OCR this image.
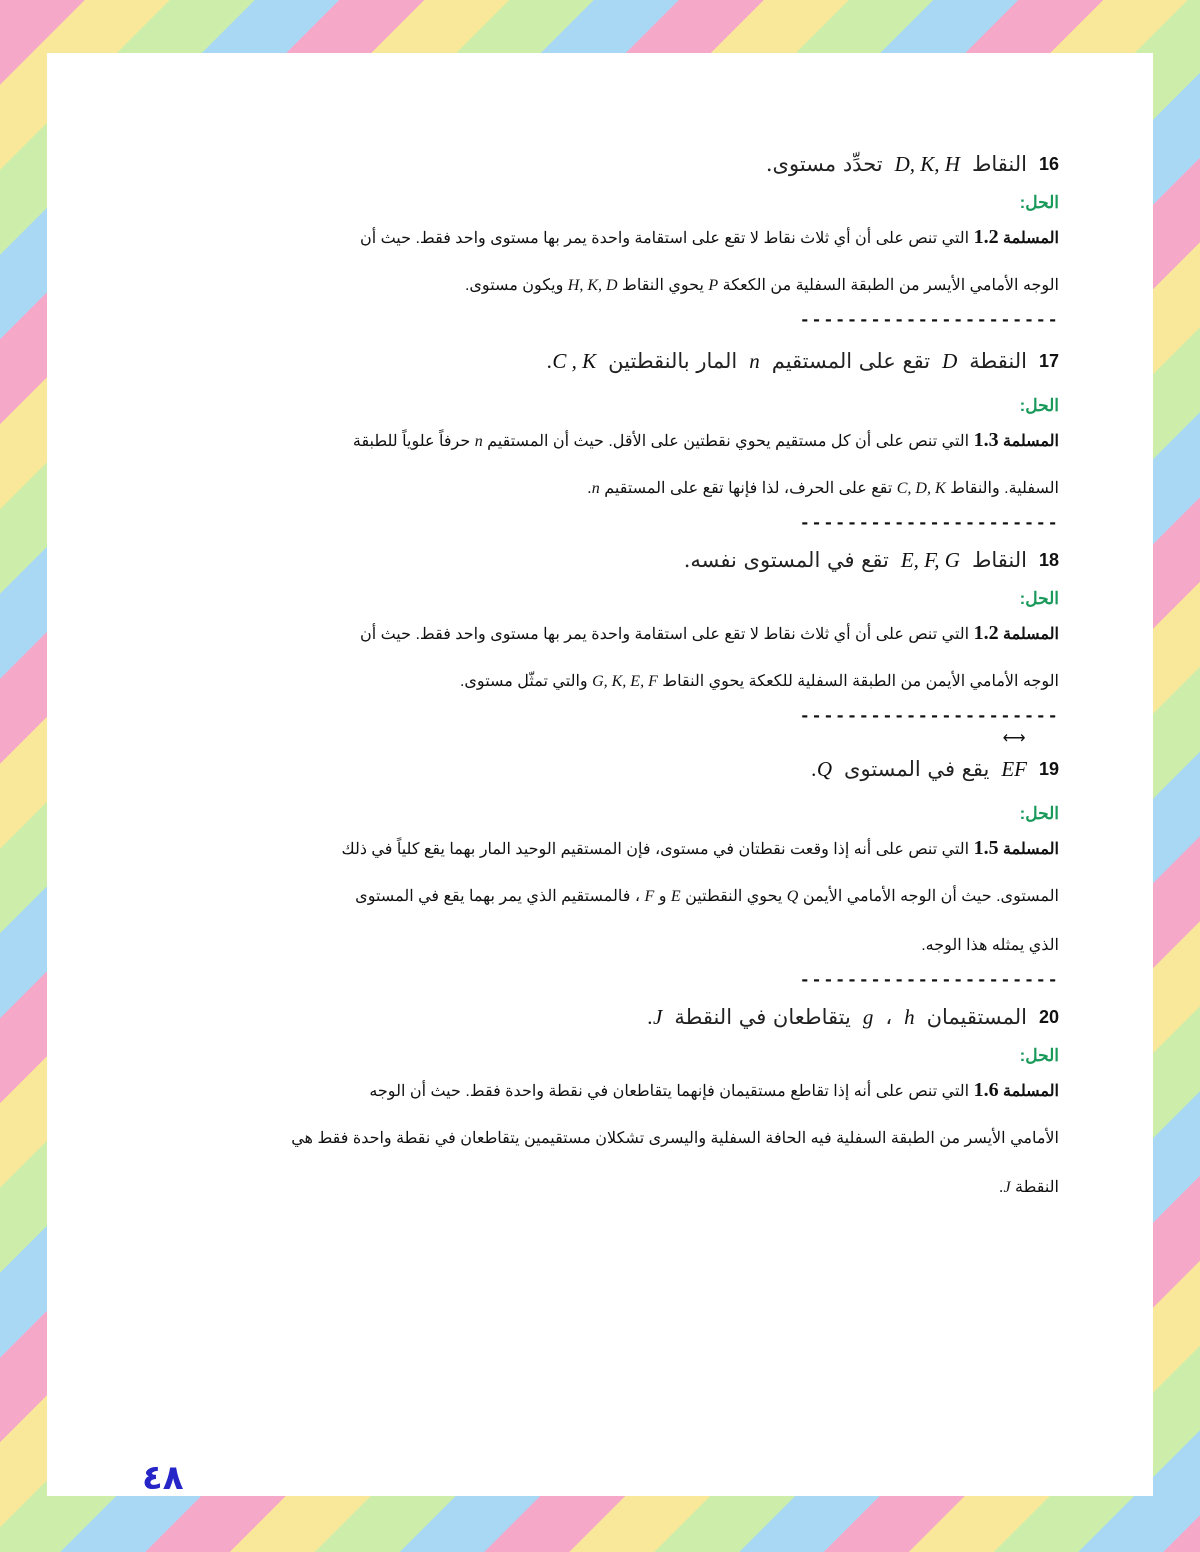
16
النقاط
D, K, H
تحدِّد مستوى.
الحل:
المسلمة 1.2 التي تنص على أن أي ثلاث نقاط لا تقع على استقامة واحدة يمر بها مستوى واحد فقط. حيث أن
الوجه الأمامي الأيسر من الطبقة السفلية من الكعكة P يحوي النقاط H, K, D ويكون مستوى.
----------------------
17
النقطة
D
تقع على المستقيم
n
المار بالنقطتين
C , K.
الحل:
المسلمة 1.3 التي تنص على أن كل مستقيم يحوي نقطتين على الأقل. حيث أن المستقيم n حرفاً علوياً للطبقة
السفلية. والنقاط C, D, K تقع على الحرف، لذا فإنها تقع على المستقيم n.
----------------------
18
النقاط
E, F, G
تقع في المستوى نفسه.
الحل:
المسلمة 1.2 التي تنص على أن أي ثلاث نقاط لا تقع على استقامة واحدة يمر بها مستوى واحد فقط. حيث أن
الوجه الأمامي الأيمن من الطبقة السفلية للكعكة يحوي النقاط G, K, E, F والتي تمثّل مستوى.
----------------------
19
⟷ EF
يقع في المستوى
Q.
الحل:
المسلمة 1.5 التي تنص على أنه إذا وقعت نقطتان في مستوى، فإن المستقيم الوحيد المار بهما يقع كلياً في ذلك
المستوى. حيث أن الوجه الأمامي الأيمن Q يحوي النقطتين E و F ، فالمستقيم الذي يمر بهما يقع في المستوى
الذي يمثله هذا الوجه.
----------------------
20
المستقيمان
h
،
g
يتقاطعان في النقطة
J.
الحل:
المسلمة 1.6 التي تنص على أنه إذا تقاطع مستقيمان فإنهما يتقاطعان في نقطة واحدة فقط. حيث أن الوجه
الأمامي الأيسر من الطبقة السفلية فيه الحافة السفلية واليسرى تشكلان مستقيمين يتقاطعان في نقطة واحدة فقط هي
النقطة J.
٤٨
